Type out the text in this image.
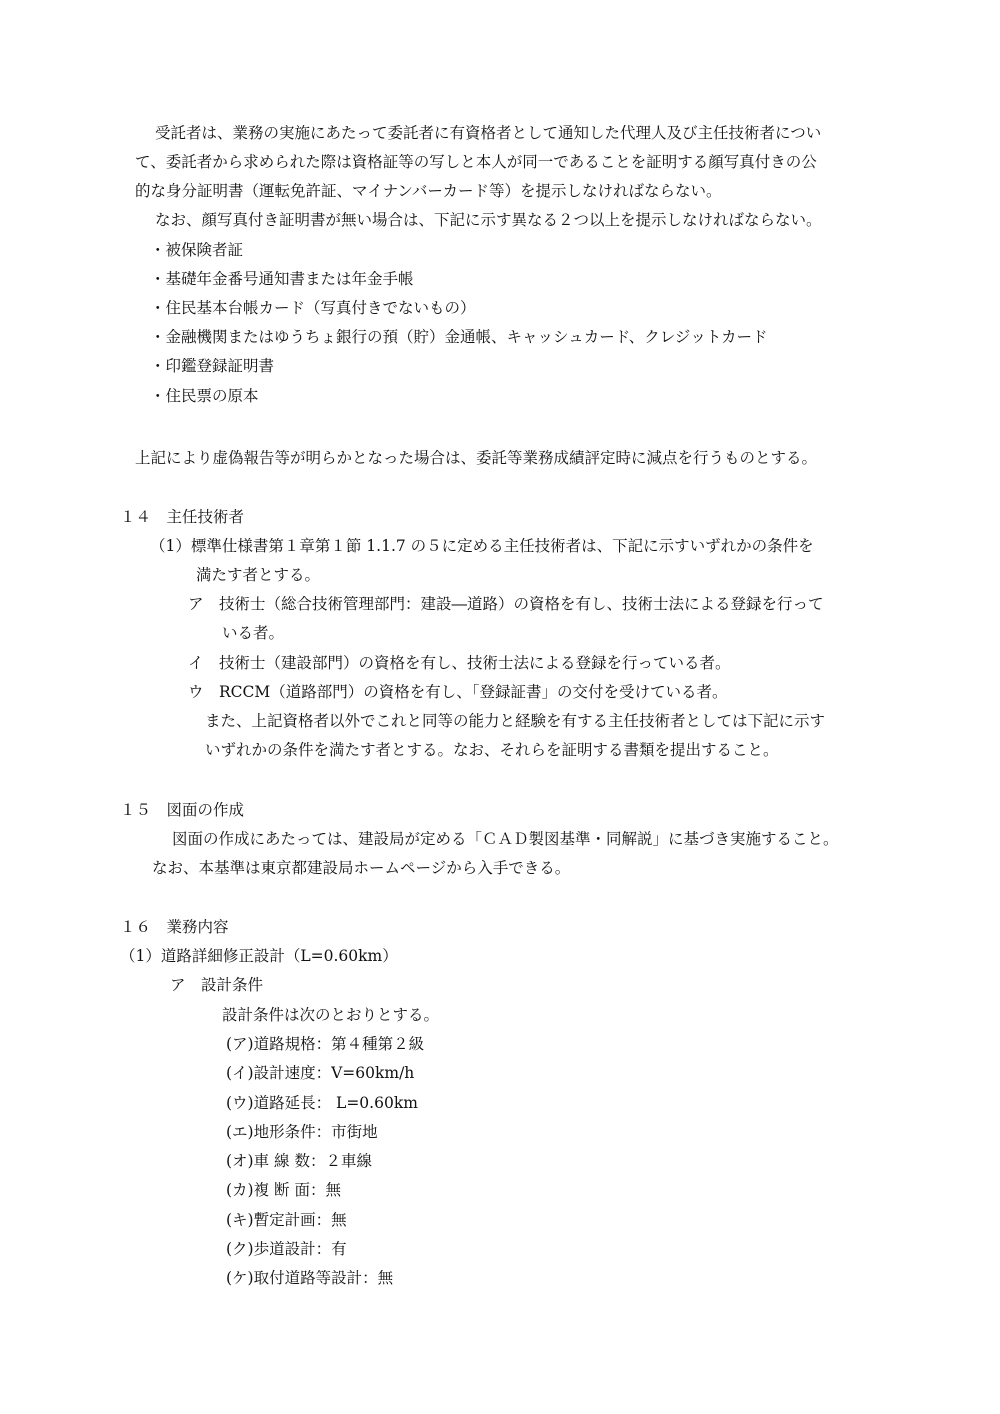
受託者は、業務の実施にあたって委託者に有資格者として通知した代理人及び主任技術者につい
て、委託者から求められた際は資格証等の写しと本人が同一であることを証明する顔写真付きの公
的な身分証明書（運転免許証、マイナンバーカード等）を提示しなければならない。
なお、顔写真付き証明書が無い場合は、下記に示す異なる２つ以上を提示しなければならない。
・被保険者証
・基礎年金番号通知書または年金手帳
・住民基本台帳カード（写真付きでないもの）
・金融機関またはゆうちょ銀行の預（貯）金通帳、キャッシュカード、クレジットカード
・印鑑登録証明書
・住民票の原本
上記により虚偽報告等が明らかとなった場合は、委託等業務成績評定時に減点を行うものとする。
１４　主任技術者
（1）標準仕様書第１章第１節 1.1.7 の５に定める主任技術者は、下記に示すいずれかの条件を
満たす者とする。
ア　技術士（総合技術管理部門：建設―道路）の資格を有し、技術士法による登録を行って
いる者。
イ　技術士（建設部門）の資格を有し、技術士法による登録を行っている者。
ウ　RCCM（道路部門）の資格を有し、「登録証書」の交付を受けている者。
また、上記資格者以外でこれと同等の能力と経験を有する主任技術者としては下記に示す
いずれかの条件を満たす者とする。なお、それらを証明する書類を提出すること。
１５　図面の作成
図面の作成にあたっては、建設局が定める「ＣＡＤ製図基準・同解説」に基づき実施すること。
なお、本基準は東京都建設局ホームページから入手できる。
１６　業務内容
（1）道路詳細修正設計（L=0.60km）
ア　設計条件
設計条件は次のとおりとする。
(ア)道路規格：第４種第２級
(イ)設計速度：V=60km/h
(ウ)道路延長： L=0.60km
(エ)地形条件：市街地
(オ)車 線 数：２車線
(カ)複 断 面：無
(キ)暫定計画：無
(ク)歩道設計：有
(ケ)取付道路等設計：無
